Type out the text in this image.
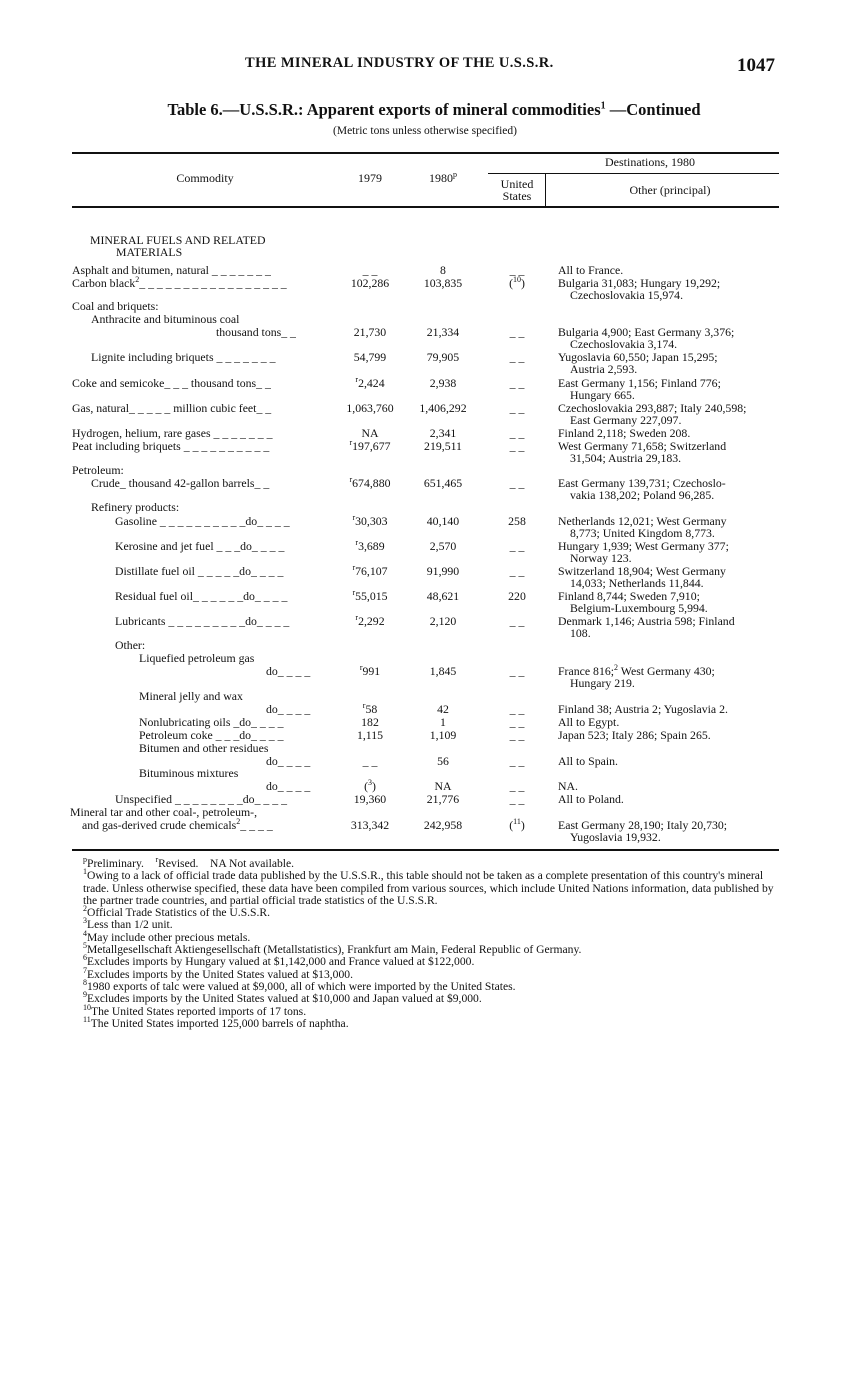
THE MINERAL INDUSTRY OF THE U.S.S.R.	1047
Table 6.—U.S.S.R.: Apparent exports of mineral commodities$^1$ —Continued
(Metric tons unless otherwise specified)
Commodity	1979	1980$^p$
Destinations, 1980
United
States	Other (principal)
MINERAL FUELS AND RELATED
MATERIALS
Asphalt and bitumen, natural _ _ _ _ _ _ _	_ _	8	_ _	All to France.
Carbon black$^2$_ _ _ _ _ _ _ _ _ _ _ _ _ _ _ _ _	102,286	103,835	($^{10}$)	Bulgaria 31,083; Hungary 19,292;
Czechoslovakia 15,974.
Coal and briquets:
Anthracite and bituminous coal
thousand tons_ _	21,730	21,334	_ _	Bulgaria 4,900; East Germany 3,376;
Czechoslovakia 3,174.
Lignite including briquets _ _ _ _ _ _ _	54,799	79,905	_ _	Yugoslavia 60,550; Japan 15,295;
Austria 2,593.
Coke and semicoke_ _ _ thousand tons_ _	$^r$2,424	2,938	_ _	East Germany 1,156; Finland 776;
Hungary 665.
Gas, natural_ _ _ _ _ million cubic feet_ _	1,063,760	1,406,292	_ _	Czechoslovakia 293,887; Italy 240,598;
East Germany 227,097.
Hydrogen, helium, rare gases _ _ _ _ _ _ _	NA	2,341	_ _	Finland 2,118; Sweden 208.
Peat including briquets _ _ _ _ _ _ _ _ _ _	$^r$197,677	219,511	_ _	West Germany 71,658; Switzerland
31,504; Austria 29,183.
Petroleum:
Crude_ thousand 42-gallon barrels_ _	$^r$674,880	651,465	_ _	East Germany 139,731; Czechoslo-
vakia 138,202; Poland 96,285.
Refinery products:
Gasoline _ _ _ _ _ _ _ _ _ _do_ _ _ _	$^r$30,303	40,140	258	Netherlands 12,021; West Germany
8,773; United Kingdom 8,773.
Kerosine and jet fuel _ _ _do_ _ _ _	$^r$3,689	2,570	_ _	Hungary 1,939; West Germany 377;
Norway 123.
Distillate fuel oil _ _ _ _ _do_ _ _ _	$^r$76,107	91,990	_ _	Switzerland 18,904; West Germany
14,033; Netherlands 11,844.
Residual fuel oil_ _ _ _ _ _do_ _ _ _	$^r$55,015	48,621	220	Finland 8,744; Sweden 7,910;
Belgium-Luxembourg 5,994.
Lubricants _ _ _ _ _ _ _ _ _do_ _ _ _	$^r$2,292	2,120	_ _	Denmark 1,146; Austria 598; Finland
108.
Other:
Liquefied petroleum gas
do_ _ _ _	$^r$991	1,845	_ _	France 816;$^2$ West Germany 430;
Hungary 219.
Mineral jelly and wax
do_ _ _ _	$^r$58	42	_ _	Finland 38; Austria 2; Yugoslavia 2.
Nonlubricating oils _do_ _ _ _	182	1	_ _	All to Egypt.
Petroleum coke _ _ _do_ _ _ _	1,115	1,109	_ _	Japan 523; Italy 286; Spain 265.
Bitumen and other residues
do_ _ _ _	_ _	56	_ _	All to Spain.
Bituminous mixtures
do_ _ _ _	($^3$)	NA	_ _	NA.
Unspecified _ _ _ _ _ _ _ _do_ _ _ _	19,360	21,776	_ _	All to Poland.
Mineral tar and other coal-, petroleum-,
and gas-derived crude chemicals$^2$_ _ _ _	313,342	242,958	($^{11}$)	East Germany 28,190; Italy 20,730;
Yugoslavia 19,932.
$^p$Preliminary.    $^r$Revised.    NA Not available.
$^1$Owing to a lack of official trade data published by the U.S.S.R., this table should not be taken as a complete presentation of this country's mineral trade. Unless otherwise specified, these data have been compiled from various sources, which include United Nations information, data published by the partner trade countries, and partial official trade statistics of the U.S.S.R.
$^2$Official Trade Statistics of the U.S.S.R.
$^3$Less than 1/2 unit.
$^4$May include other precious metals.
$^5$Metallgesellschaft Aktiengesellschaft (Metallstatistics), Frankfurt am Main, Federal Republic of Germany.
$^6$Excludes imports by Hungary valued at $1,142,000 and France valued at $122,000.
$^7$Excludes imports by the United States valued at $13,000.
$^8$1980 exports of talc were valued at $9,000, all of which were imported by the United States.
$^9$Excludes imports by the United States valued at $10,000 and Japan valued at $9,000.
$^{10}$The United States reported imports of 17 tons.
$^{11}$The United States imported 125,000 barrels of naphtha.
